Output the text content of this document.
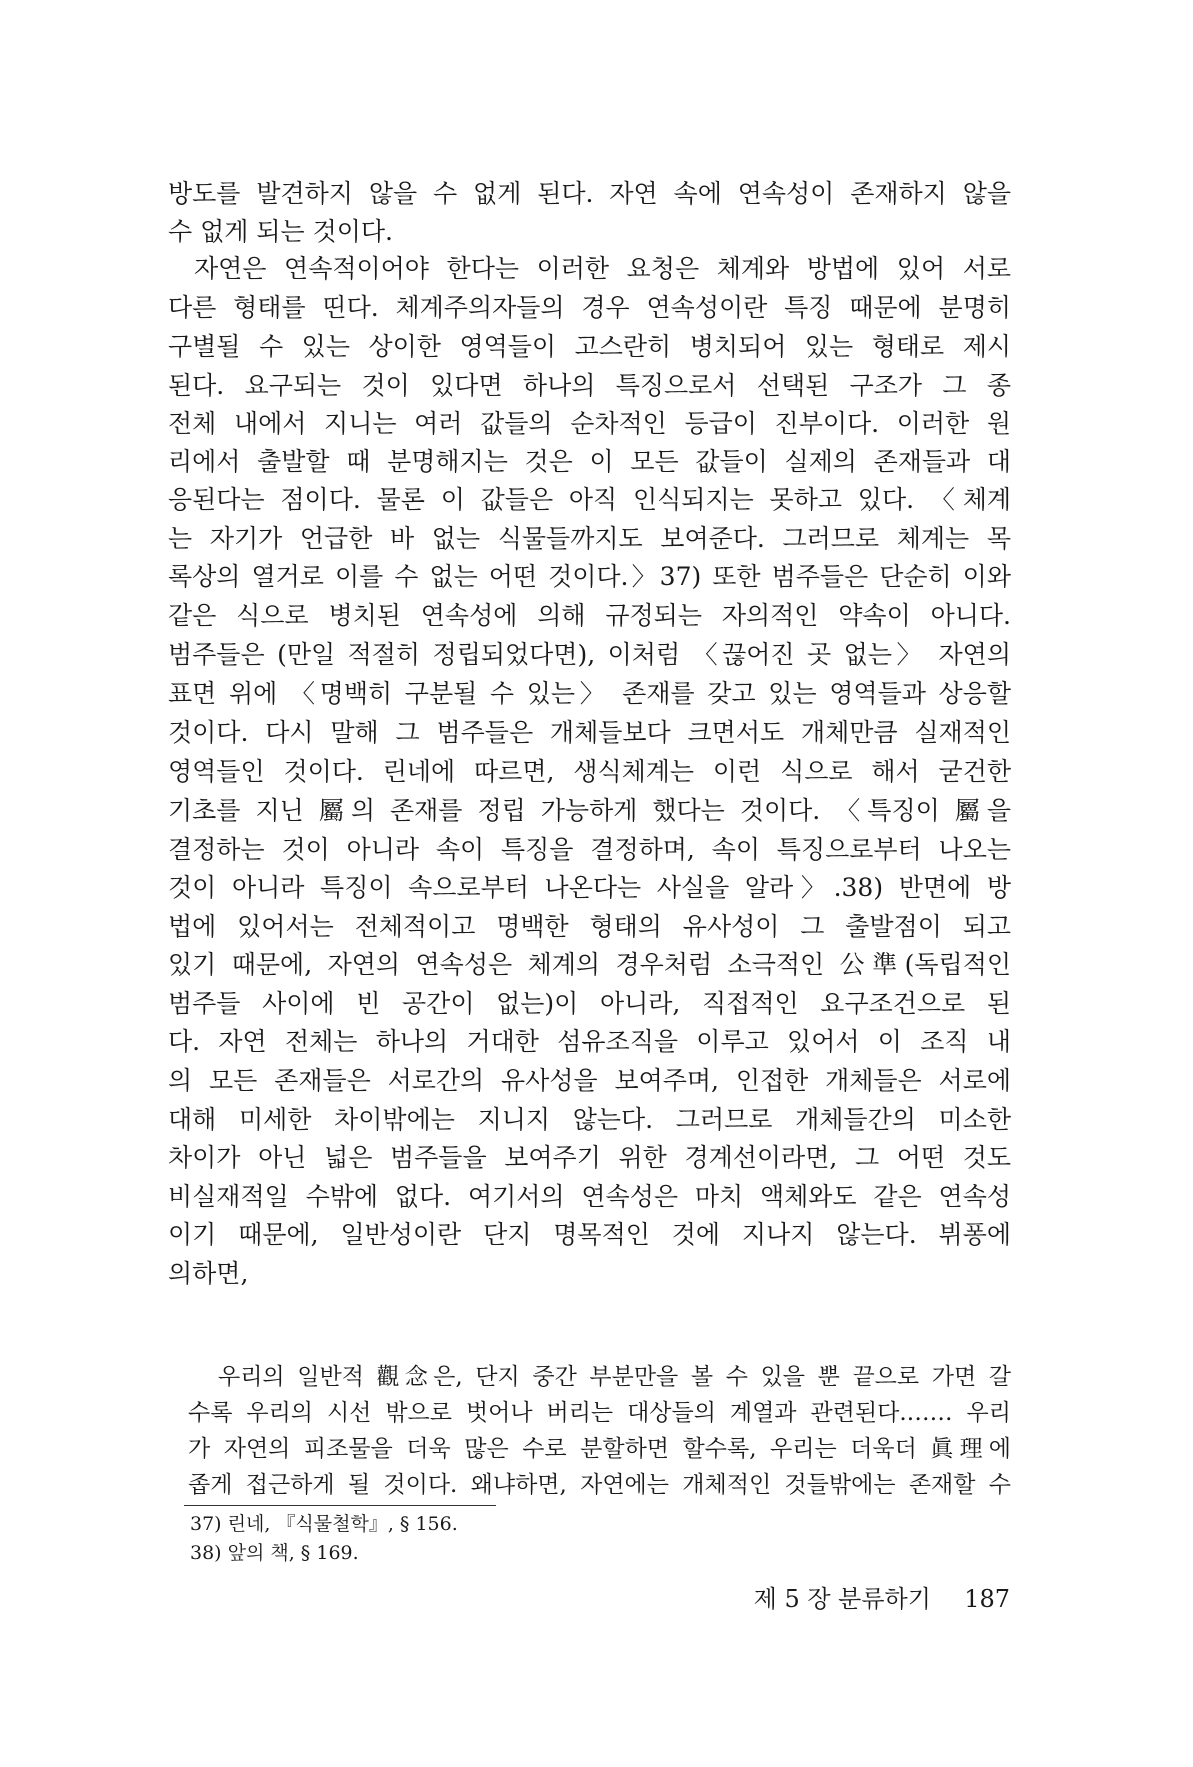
방도를 발견하지 않을 수 없게 된다. 자연 속에 연속성이 존재하지 않을
수 없게 되는 것이다.
자연은 연속적이어야 한다는 이러한 요청은 체계와 방법에 있어 서로
다른 형태를 띤다. 체계주의자들의 경우 연속성이란 특징 때문에 분명히
구별될 수 있는 상이한 영역들이 고스란히 병치되어 있는 형태로 제시
된다. 요구되는 것이 있다면 하나의 특징으로서 선택된 구조가 그 종
전체 내에서 지니는 여러 값들의 순차적인 등급이 진부이다. 이러한 원
리에서 출발할 때 분명해지는 것은 이 모든 값들이 실제의 존재들과 대
응된다는 점이다. 물론 이 값들은 아직 인식되지는 못하고 있다. 〈체계
는 자기가 언급한 바 없는 식물들까지도 보여준다. 그러므로 체계는 목
록상의 열거로 이를 수 없는 어떤 것이다.〉37) 또한 범주들은 단순히 이와
같은 식으로 병치된 연속성에 의해 규정되는 자의적인 약속이 아니다.
범주들은 (만일 적절히 정립되었다면), 이처럼 〈끊어진 곳 없는〉 자연의
표면 위에 〈명백히 구분될 수 있는〉 존재를 갖고 있는 영역들과 상응할
것이다. 다시 말해 그 범주들은 개체들보다 크면서도 개체만큼 실재적인
영역들인 것이다. 린네에 따르면, 생식체계는 이런 식으로 해서 굳건한
기초를 지닌 屬의 존재를 정립 가능하게 했다는 것이다. 〈특징이 屬을
결정하는 것이 아니라 속이 특징을 결정하며, 속이 특징으로부터 나오는
것이 아니라 특징이 속으로부터 나온다는 사실을 알라〉.38) 반면에 방
법에 있어서는 전체적이고 명백한 형태의 유사성이 그 출발점이 되고
있기 때문에, 자연의 연속성은 체계의 경우처럼 소극적인 公準(독립적인
범주들 사이에 빈 공간이 없는)이 아니라, 직접적인 요구조건으로 된
다. 자연 전체는 하나의 거대한 섬유조직을 이루고 있어서 이 조직 내
의 모든 존재들은 서로간의 유사성을 보여주며, 인접한 개체들은 서로에
대해 미세한 차이밖에는 지니지 않는다. 그러므로 개체들간의 미소한
차이가 아닌 넓은 범주들을 보여주기 위한 경계선이라면, 그 어떤 것도
비실재적일 수밖에 없다. 여기서의 연속성은 마치 액체와도 같은 연속성
이기 때문에, 일반성이란 단지 명목적인 것에 지나지 않는다. 뷔퐁에
의하면,
우리의 일반적 觀念은, 단지 중간 부분만을 볼 수 있을 뿐 끝으로 가면 갈
수록 우리의 시선 밖으로 벗어나 버리는 대상들의 계열과 관련된다.…… 우리
가 자연의 피조물을 더욱 많은 수로 분할하면 할수록, 우리는 더욱더 眞理에
좁게 접근하게 될 것이다. 왜냐하면, 자연에는 개체적인 것들밖에는 존재할 수
37) 린네, 『식물철학』, § 156.
38) 앞의 책, § 169.
제 5 장 분류하기 187
